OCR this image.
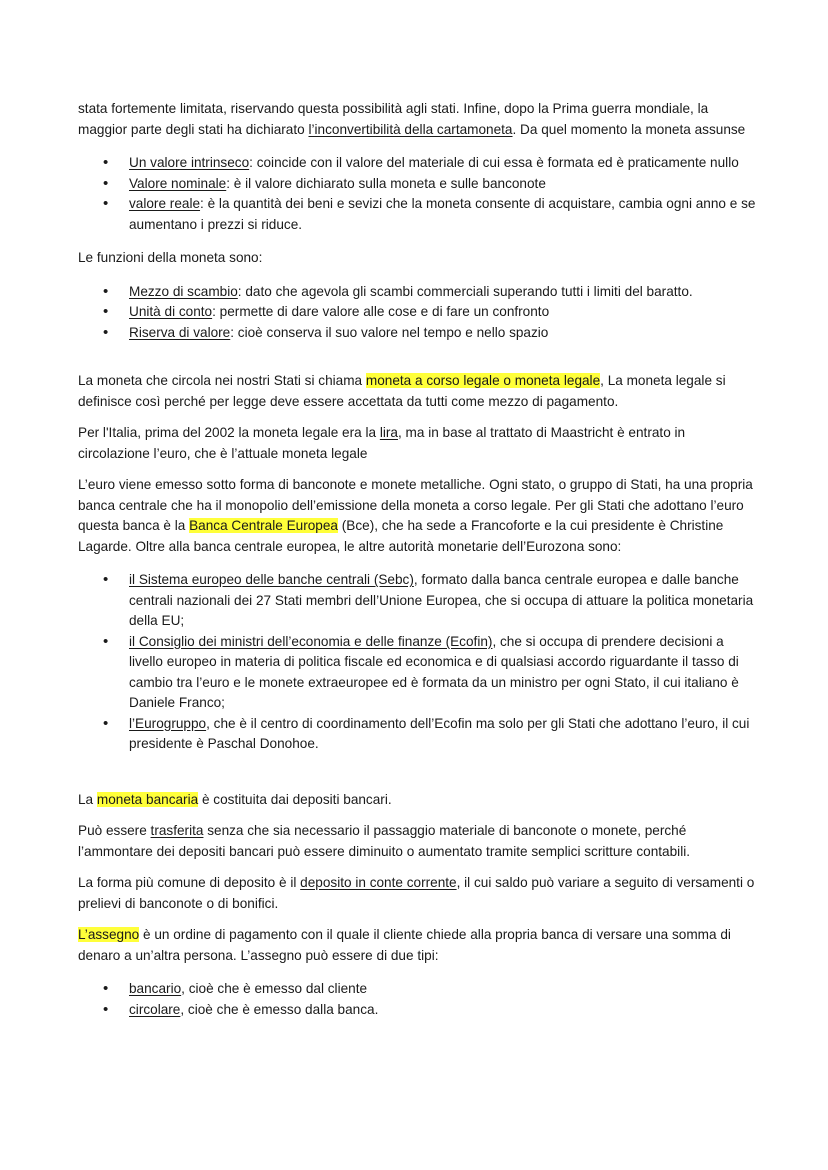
stata fortemente limitata, riservando questa possibilità agli stati. Infine, dopo la Prima guerra mondiale, la maggior parte degli stati ha dichiarato l’inconvertibilità della cartamoneta. Da quel momento la moneta assunse

• Un valore intrinseco: coincide con il valore del materiale di cui essa è formata ed è praticamente nullo
• Valore nominale: è il valore dichiarato sulla moneta e sulle banconote
• valore reale: è la quantità dei beni e sevizi che la moneta consente di acquistare, cambia ogni anno e se aumentano i prezzi si riduce.

Le funzioni della moneta sono:

• Mezzo di scambio: dato che agevola gli scambi commerciali superando tutti i limiti del baratto.
• Unità di conto: permette di dare valore alle cose e di fare un confronto
• Riserva di valore: cioè conserva il suo valore nel tempo e nello spazio

La moneta che circola nei nostri Stati si chiama moneta a corso legale o moneta legale, La moneta legale si definisce così perché per legge deve essere accettata da tutti come mezzo di pagamento.

Per l'Italia, prima del 2002 la moneta legale era la lira, ma in base al trattato di Maastricht è entrato in circolazione l’euro, che è l’attuale moneta legale

L’euro viene emesso sotto forma di banconote e monete metalliche. Ogni stato, o gruppo di Stati, ha una propria banca centrale che ha il monopolio dell’emissione della moneta a corso legale. Per gli Stati che adottano l’euro questa banca è la Banca Centrale Europea (Bce), che ha sede a Francoforte e la cui presidente è Christine Lagarde. Oltre alla banca centrale europea, le altre autorità monetarie dell’Eurozona sono:

• il Sistema europeo delle banche centrali (Sebc), formato dalla banca centrale europea e dalle banche centrali nazionali dei 27 Stati membri dell’Unione Europea, che si occupa di attuare la politica monetaria della EU;
• il Consiglio dei ministri dell’economia e delle finanze (Ecofin), che si occupa di prendere decisioni a livello europeo in materia di politica fiscale ed economica e di qualsiasi accordo riguardante il tasso di cambio tra l’euro e le monete extraeuropee ed è formata da un ministro per ogni Stato, il cui italiano è Daniele Franco;
• l’Eurogruppo, che è il centro di coordinamento dell’Ecofin ma solo per gli Stati che adottano l’euro, il cui presidente è Paschal Donohoe.

La moneta bancaria è costituita dai depositi bancari.

Può essere trasferita senza che sia necessario il passaggio materiale di banconote o monete, perché l’ammontare dei depositi bancari può essere diminuito o aumentato tramite semplici scritture contabili.

La forma più comune di deposito è il deposito in conte corrente, il cui saldo può variare a seguito di versamenti o prelievi di banconote o di bonifici.

L’assegno è un ordine di pagamento con il quale il cliente chiede alla propria banca di versare una somma di denaro a un’altra persona. L’assegno può essere di due tipi:

• bancario, cioè che è emesso dal cliente
• circolare, cioè che è emesso dalla banca.
